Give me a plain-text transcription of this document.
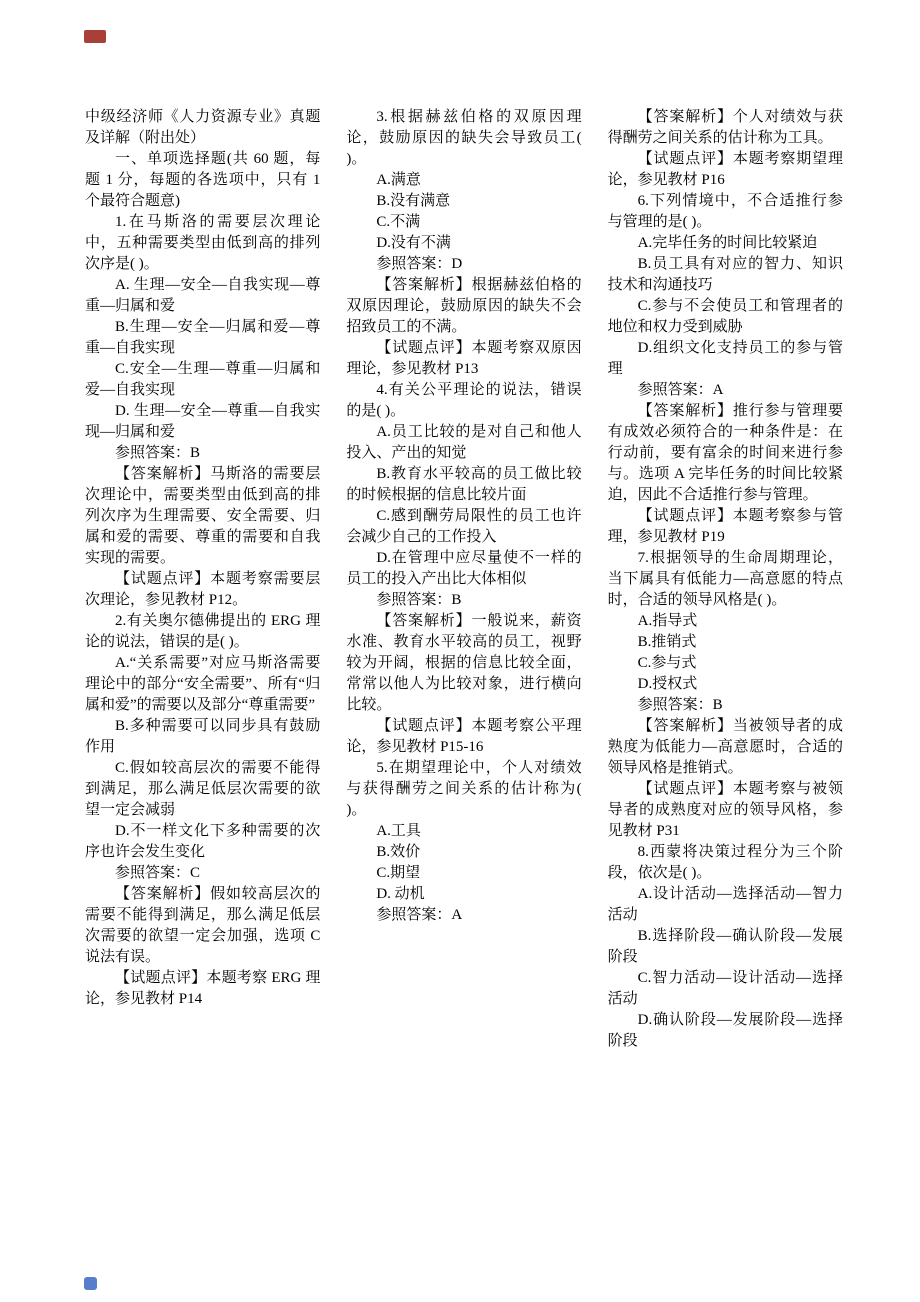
中级经济师《人力资源专业》真题及详解（附出处）

一、单项选择题(共 60 题，每题 1 分，每题的各选项中，只有 1 个最符合题意)

1.在马斯洛的需要层次理论中，五种需要类型由低到高的排列次序是( )。

A. 生理—安全—自我实现—尊重—归属和爱

B.生理—安全—归属和爱—尊重—自我实现

C.安全—生理—尊重—归属和爱—自我实现

D. 生理—安全—尊重—自我实现—归属和爱

参照答案：B

【答案解析】马斯洛的需要层次理论中，需要类型由低到高的排列次序为生理需要、安全需要、归属和爱的需要、尊重的需要和自我实现的需要。

【试题点评】本题考察需要层次理论，参见教材 P12。

2.有关奥尔德佛提出的 ERG 理论的说法，错误的是( )。

A.“关系需要”对应马斯洛需要理论中的部分“安全需要”、所有“归属和爱”的需要以及部分“尊重需要”

B.多种需要可以同步具有鼓励作用

C.假如较高层次的需要不能得到满足，那么满足低层次需要的欲望一定会减弱

D.不一样文化下多种需要的次序也许会发生变化

参照答案：C

【答案解析】假如较高层次的需要不能得到满足，那么满足低层次需要的欲望一定会加强，选项 C 说法有误。

【试题点评】本题考察 ERG 理论，参见教材 P14

3.根据赫兹伯格的双原因理论，鼓励原因的缺失会导致员工( )。

A.满意

B.没有满意

C.不满

D.没有不满

参照答案：D

【答案解析】根据赫兹伯格的双原因理论，鼓励原因的缺失不会招致员工的不满。

【试题点评】本题考察双原因理论，参见教材 P13

4.有关公平理论的说法，错误的是( )。

A.员工比较的是对自己和他人投入、产出的知觉

B.教育水平较高的员工做比较的时候根据的信息比较片面

C.感到酬劳局限性的员工也许会减少自己的工作投入

D.在管理中应尽量使不一样的员工的投入产出比大体相似

参照答案：B

【答案解析】一般说来，薪资水准、教育水平较高的员工，视野较为开阔，根据的信息比较全面，常常以他人为比较对象，进行横向比较。

【试题点评】本题考察公平理论，参见教材 P15-16

5.在期望理论中，个人对绩效与获得酬劳之间关系的估计称为( )。

A.工具

B.效价

C.期望

D. 动机

参照答案：A

【答案解析】个人对绩效与获得酬劳之间关系的估计称为工具。

【试题点评】本题考察期望理论，参见教材 P16

6.下列情境中，不合适推行参与管理的是( )。

A.完毕任务的时间比较紧迫

B.员工具有对应的智力、知识技术和沟通技巧

C.参与不会使员工和管理者的地位和权力受到威胁

D.组织文化支持员工的参与管理

参照答案：A

【答案解析】推行参与管理要有成效必须符合的一种条件是：在行动前，要有富余的时间来进行参与。选项 A 完毕任务的时间比较紧迫，因此不合适推行参与管理。

【试题点评】本题考察参与管理，参见教材 P19

7.根据领导的生命周期理论，当下属具有低能力—高意愿的特点时，合适的领导风格是( )。

A.指导式

B.推销式

C.参与式

D.授权式

参照答案：B

【答案解析】当被领导者的成熟度为低能力—高意愿时，合适的领导风格是推销式。

【试题点评】本题考察与被领导者的成熟度对应的领导风格，参见教材 P31

8.西蒙将决策过程分为三个阶段，依次是( )。

A.设计活动—选择活动—智力活动

B.选择阶段—确认阶段—发展阶段

C.智力活动—设计活动—选择活动

D.确认阶段—发展阶段—选择阶段
